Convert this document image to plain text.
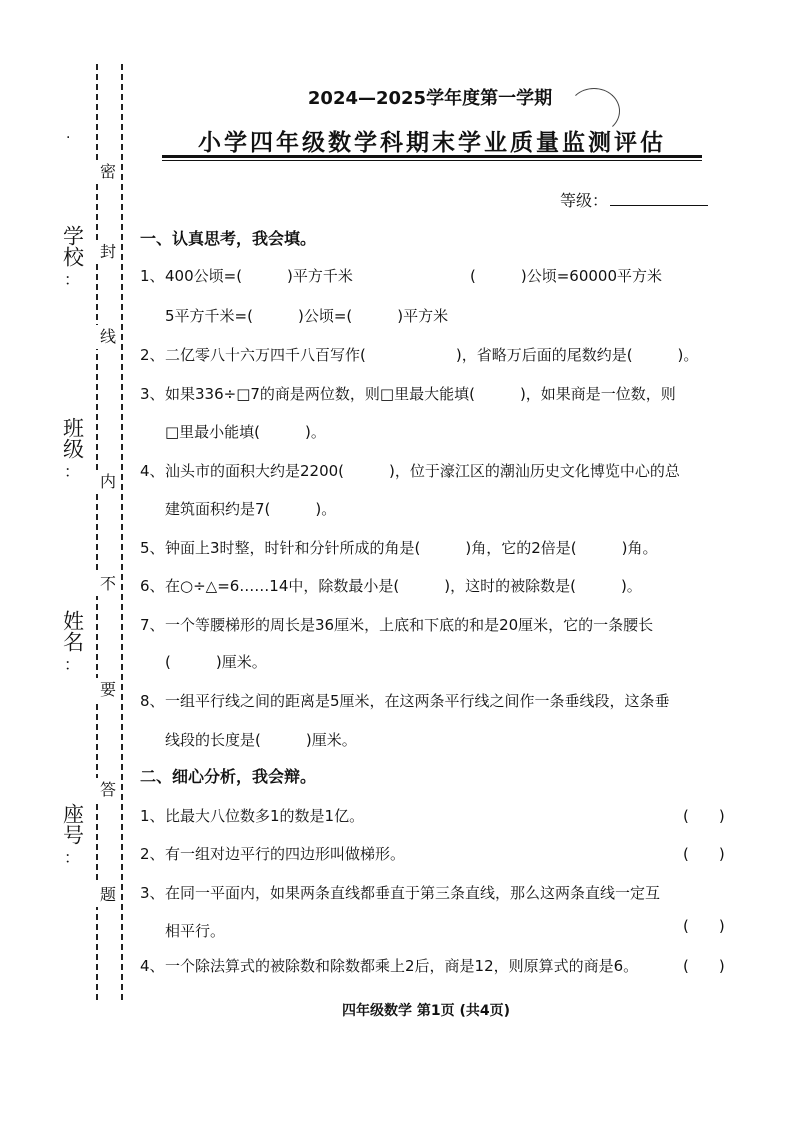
密
封
线
内
不
要
答
题
·
学校
：
班级
：
姓名
：
座号
：
2024—2025学年度第一学期
小学四年级数学科期末学业质量监测评估
等级：
一、认真思考，我会填。
1、 400公顷=(　　　)平方千米	(　　　)公顷=60000平方米
5平方千米=(　　　)公顷=(　　　)平方米
2、 二亿零八十六万四千八百写作(　　　　　　)，省略万后面的尾数约是(　　　)。
3、 如果336÷□7的商是两位数，则□里最大能填(　　　)，如果商是一位数，则
□里最小能填(　　　)。
4、 汕头市的面积大约是2200(　　　)，位于濠江区的潮汕历史文化博览中心的总
建筑面积约是7(　　　)。
5、 钟面上3时整，时针和分针所成的角是(　　　)角，它的2倍是(　　　)角。
6、 在○÷△=6……14中，除数最小是(　　　)，这时的被除数是(　　　)。
7、 一个等腰梯形的周长是36厘米，上底和下底的和是20厘米，它的一条腰长
(　　　)厘米。
8、 一组平行线之间的距离是5厘米，在这两条平行线之间作一条垂线段，这条垂
线段的长度是(　　　)厘米。
二、细心分析，我会辩。
1、 比最大八位数多1的数是1亿。	(　　)
2、 有一组对边平行的四边形叫做梯形。	(　　)
3、 在同一平面内，如果两条直线都垂直于第三条直线，那么这两条直线一定互
相平行。	(　　)
4、 一个除法算式的被除数和除数都乘上2后，商是12，则原算式的商是6。	(　　)
四年级数学 第1页 (共4页)
